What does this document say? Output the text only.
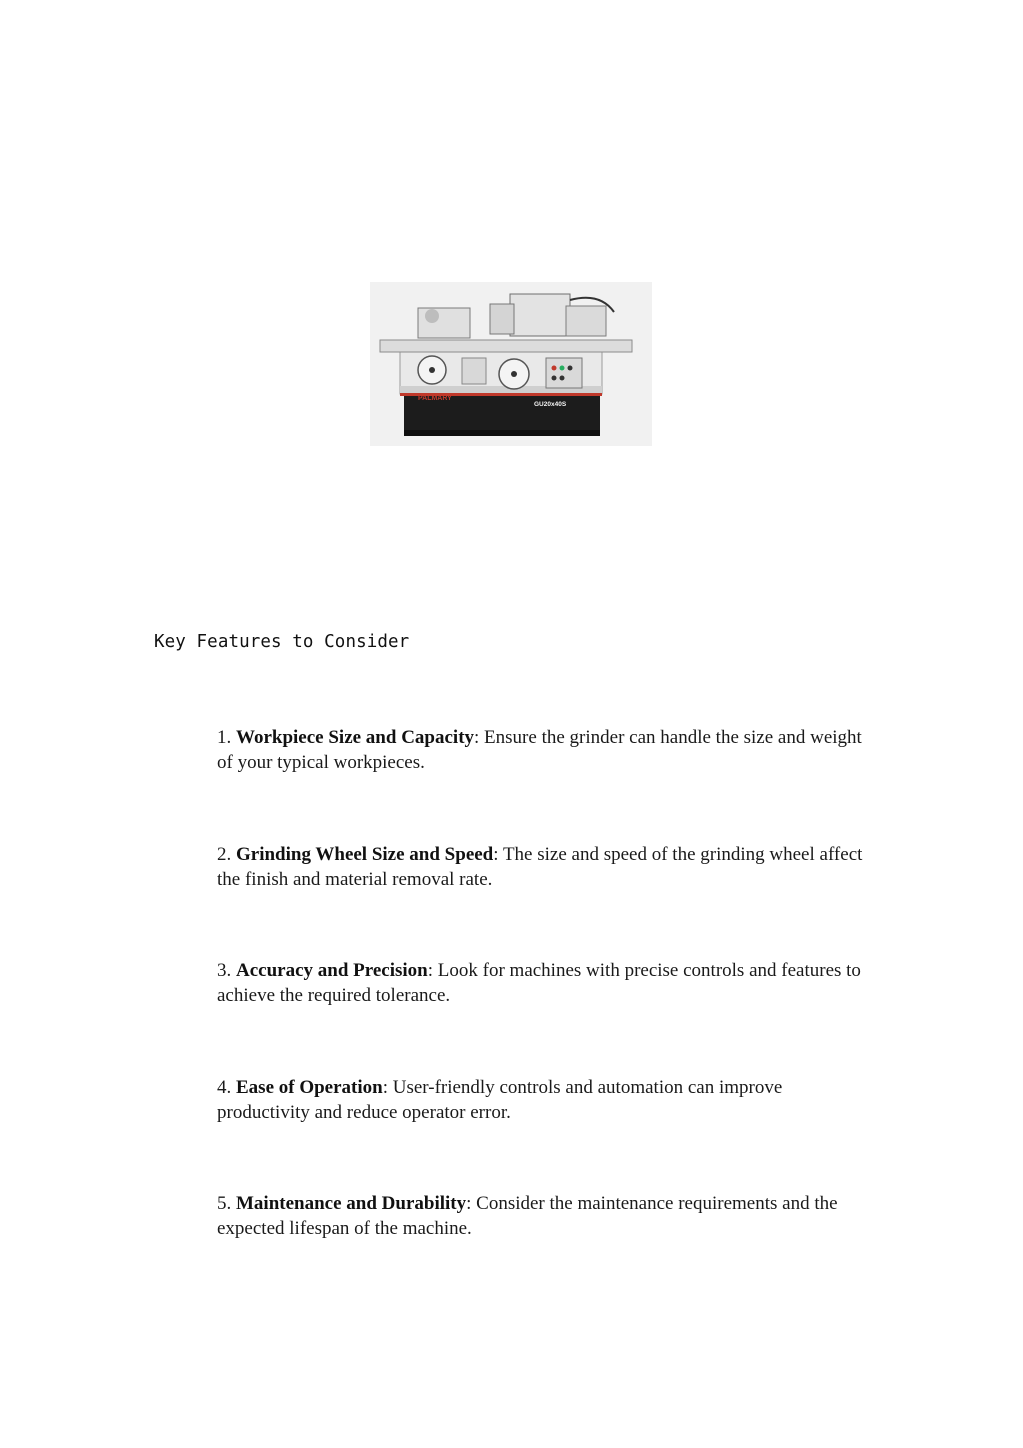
PALMARY
GU20x40S
Key Features to Consider

1. Workpiece Size and Capacity: Ensure the grinder can handle the size and weight of your typical workpieces.

2. Grinding Wheel Size and Speed: The size and speed of the grinding wheel affect the finish and material removal rate.

3. Accuracy and Precision: Look for machines with precise controls and features to achieve the required tolerance.

4. Ease of Operation: User-friendly controls and automation can improve productivity and reduce operator error.

5. Maintenance and Durability: Consider the maintenance requirements and the expected lifespan of the machine.
